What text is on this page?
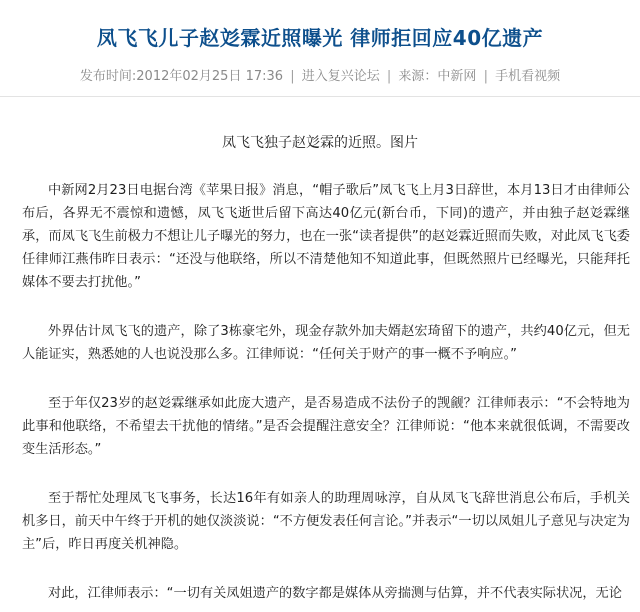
凤飞飞儿子赵彣霖近照曝光 律师拒回应40亿遗产
发布时间:2012年02月25日 17:36 | 进入复兴论坛 | 来源：中新网 | 手机看视频
凤飞飞独子赵彣霖的近照。图片

中新网2月23日电据台湾《苹果日报》消息，“帽子歌后”凤飞飞上月3日辞世，本月13日才由律师公布后，各界无不震惊和遗憾，凤飞飞逝世后留下高达40亿元(新台币，下同)的遗产，并由独子赵彣霖继承，而凤飞飞生前极力不想让儿子曝光的努力，也在一张“读者提供”的赵彣霖近照而失败，对此凤飞飞委任律师江燕伟昨日表示：“还没与他联络，所以不清楚他知不知道此事，但既然照片已经曝光，只能拜托媒体不要去打扰他。”

外界估计凤飞飞的遗产，除了3栋豪宅外，现金存款外加夫婿赵宏琦留下的遗产，共约40亿元，但无人能证实，熟悉她的人也说没那么多。江律师说：“任何关于财产的事一概不予响应。”

至于年仅23岁的赵彣霖继承如此庞大遗产，是否易造成不法份子的觊觎？江律师表示：“不会特地为此事和他联络，不希望去干扰他的情绪。”是否会提醒注意安全？江律师说：“他本来就很低调，不需要改变生活形态。”

至于帮忙处理凤飞飞事务，长达16年有如亲人的助理周咏淳，自从凤飞飞辞世消息公布后，手机关机多日，前天中午终于开机的她仅淡淡说：“不方便发表任何言论。”并表示“一切以凤姐儿子意见与决定为主”后，昨日再度关机神隐。

对此，江律师表示：“一切有关凤姐遗产的数字都是媒体从旁揣测与估算，并不代表实际状况，无论
